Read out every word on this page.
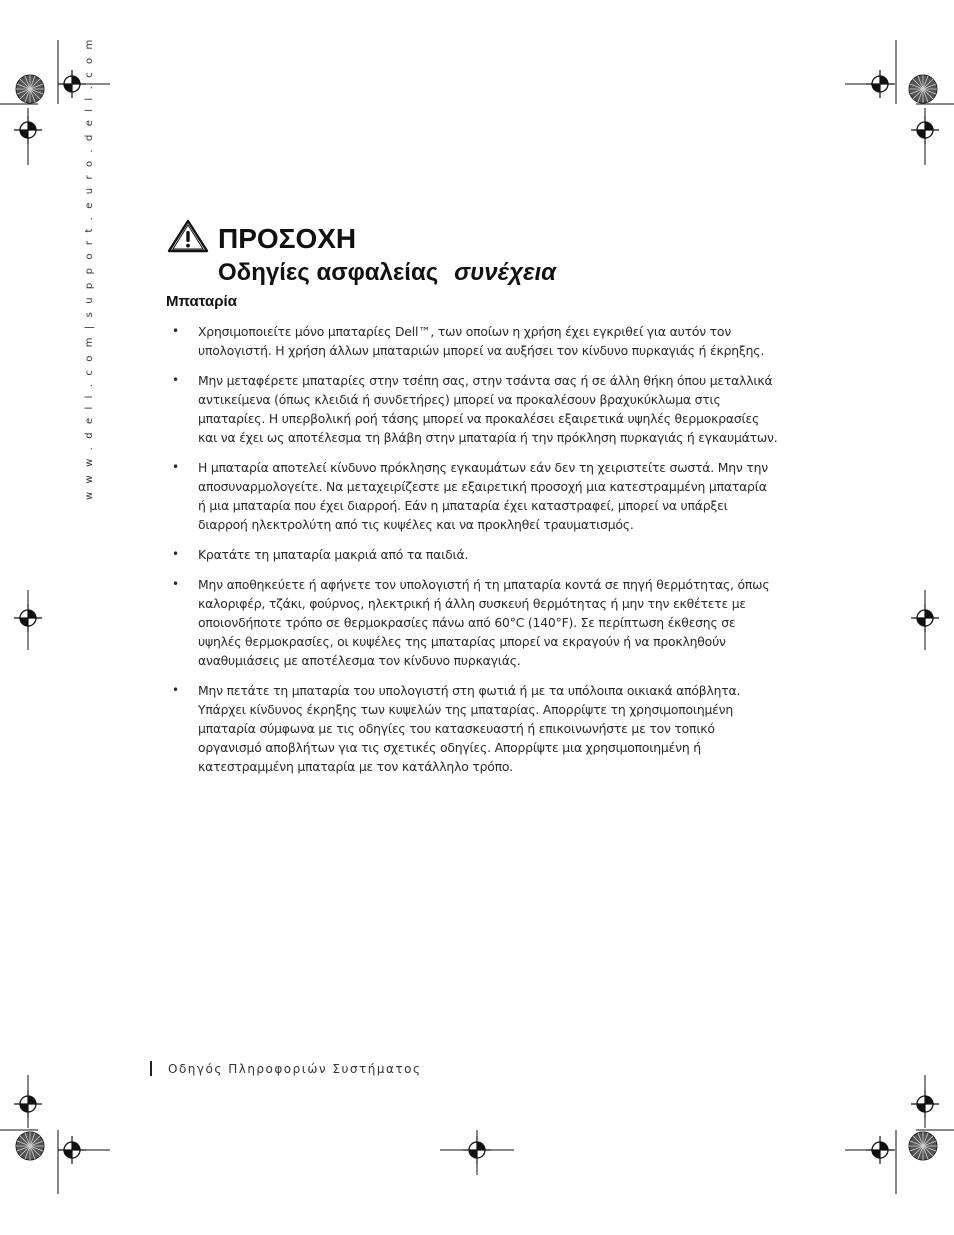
w w w . d e l l . c o m | s u p p o r t . e u r o . d e l l . c o m	ΠΡΟΣΟΧΗ
Οδηγίες ασφαλείας συνέχεια
Μπαταρία
• Χρησιμοποιείτε μόνο μπαταρίες Dell™, των οποίων η χρήση έχει εγκριθεί για αυτόν τον υπολογιστή. Η χρήση άλλων μπαταριών μπορεί να αυξήσει τον κίνδυνο πυρκαγιάς ή έκρηξης.
• Μην μεταφέρετε μπαταρίες στην τσέπη σας, στην τσάντα σας ή σε άλλη θήκη όπου μεταλλικά αντικείμενα (όπως κλειδιά ή συνδετήρες) μπορεί να προκαλέσουν βραχυκύκλωμα στις μπαταρίες. Η υπερβολική ροή τάσης μπορεί να προκαλέσει εξαιρετικά υψηλές θερμοκρασίες και να έχει ως αποτέλεσμα τη βλάβη στην μπαταρία ή την πρόκληση πυρκαγιάς ή εγκαυμάτων.
• Η μπαταρία αποτελεί κίνδυνο πρόκλησης εγκαυμάτων εάν δεν τη χειριστείτε σωστά. Μην την αποσυναρμολογείτε. Να μεταχειρίζεστε με εξαιρετική προσοχή μια κατεστραμμένη μπαταρία ή μια μπαταρία που έχει διαρροή. Εάν η μπαταρία έχει καταστραφεί, μπορεί να υπάρξει διαρροή ηλεκτρολύτη από τις κυψέλες και να προκληθεί τραυματισμός.
• Κρατάτε τη μπαταρία μακριά από τα παιδιά.
• Μην αποθηκεύετε ή αφήνετε τον υπολογιστή ή τη μπαταρία κοντά σε πηγή θερμότητας, όπως καλοριφέρ, τζάκι, φούρνος, ηλεκτρική ή άλλη συσκευή θερμότητας ή μην την εκθέτετε με οποιονδήποτε τρόπο σε θερμοκρασίες πάνω από 60°C (140°F). Σε περίπτωση έκθεσης σε υψηλές θερμοκρασίες, οι κυψέλες της μπαταρίας μπορεί να εκραγούν ή να προκληθούν αναθυμιάσεις με αποτέλεσμα τον κίνδυνο πυρκαγιάς.
• Μην πετάτε τη μπαταρία του υπολογιστή στη φωτιά ή με τα υπόλοιπα οικιακά απόβλητα. Υπάρχει κίνδυνος έκρηξης των κυψελών της μπαταρίας. Απορρίψτε τη χρησιμοποιημένη μπαταρία σύμφωνα με τις οδηγίες του κατασκευαστή ή επικοινωνήστε με τον τοπικό οργανισμό αποβλήτων για τις σχετικές οδηγίες. Απορρίψτε μια χρησιμοποιημένη ή κατεστραμμένη μπαταρία με τον κατάλληλο τρόπο.
Οδηγός Πληροφοριών Συστήματος
